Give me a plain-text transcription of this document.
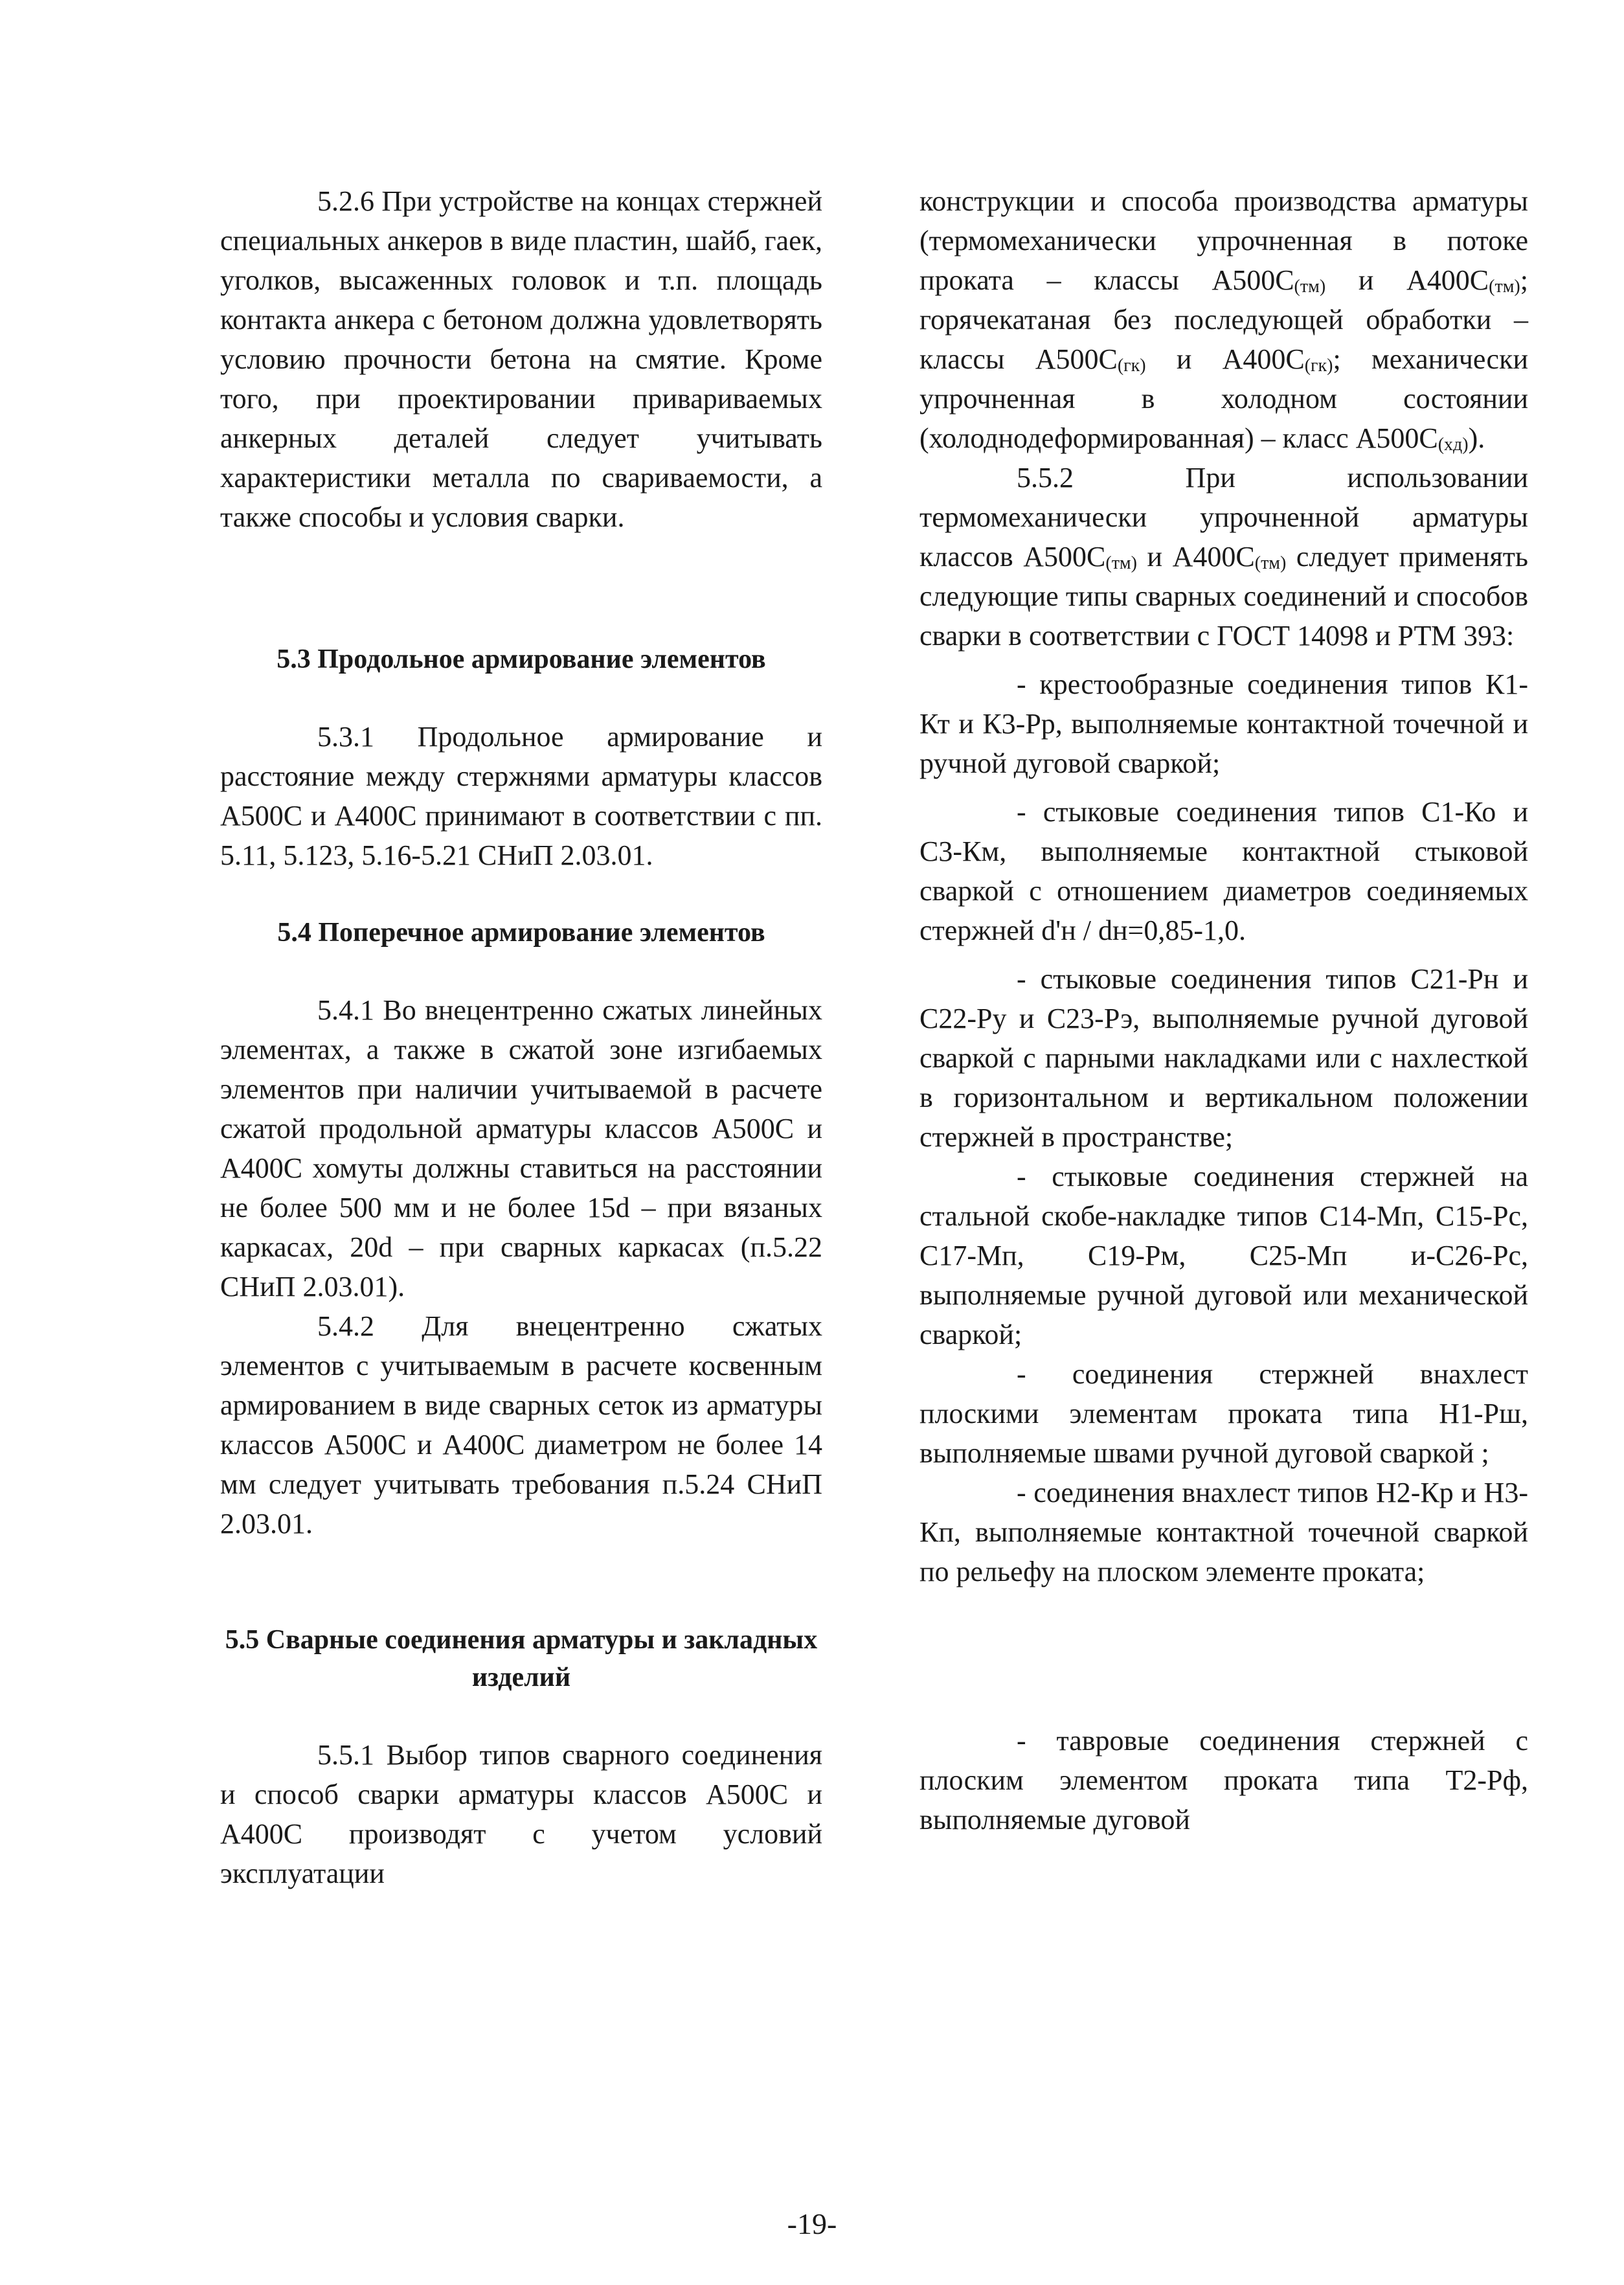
5.2.6 При устройстве на концах стержней специальных анкеров в виде пластин, шайб, гаек, уголков, высаженных головок и т.п. площадь контакта анкера с бетоном должна удовлетворять условию прочности бетона на смятие. Кроме того, при проектировании привариваемых анкерных деталей следует учитывать характеристики металла по свариваемости, а также способы и условия сварки.

5.3 Продольное армирование элементов

5.3.1 Продольное армирование и расстояние между стержнями арматуры классов А500С и А400С принимают в соответствии с пп. 5.11, 5.123, 5.16-5.21 СНиП 2.03.01.

5.4 Поперечное армирование элементов

5.4.1 Во внецентренно сжатых линейных элементах, а также в сжатой зоне изгибаемых элементов при наличии учитываемой в расчете сжатой продольной арматуры классов А500С и А400С хомуты должны ставиться на расстоянии не более 500 мм и не более 15d – при вязаных каркасах, 20d – при сварных каркасах (п.5.22 СНиП 2.03.01).

5.4.2 Для внецентренно сжатых элементов с учитываемым в расчете косвенным армированием в виде сварных сеток из арматуры классов А500С и А400С диаметром не более 14 мм следует учитывать требования п.5.24 СНиП 2.03.01.

5.5 Сварные соединения арматуры и закладных изделий

5.5.1 Выбор типов сварного соединения и способ сварки арматуры классов А500С и А400С производят с учетом условий эксплуатации

конструкции и способа производства арматуры (термомеханически упрочненная в потоке проката – классы $А500С_{(тм)}$ и $А400С_{(тм)}$; горячекатаная без последующей обработки – классы $А500С_{(гк)}$ и $А400С_{(гк)}$; механически упрочненная в холодном состоянии (холоднодеформированная) – класс $А500С_{(хд)}$).

5.5.2 При использовании термомеханически упрочненной арматуры классов $А500С_{(тм)}$ и $А400С_{(тм)}$ следует применять следующие типы сварных соединений и способов сварки в соответствии с ГОСТ 14098 и РТМ 393:

- крестообразные соединения типов К1-Кт и К3-Рр, выполняемые контактной точечной и ручной дуговой сваркой;

- стыковые соединения типов С1-Ко и С3-Км, выполняемые контактной стыковой сваркой с отношением диаметров соединяемых стержней d'н / dн=0,85-1,0.

- стыковые соединения типов С21-Рн и С22-Ру и С23-Рэ, выполняемые ручной дуговой сваркой с парными накладками или с нахлесткой в горизонтальном и вертикальном положении стержней в пространстве;

- стыковые соединения стержней на стальной скобе-накладке типов С14-Мп, С15-Рс, С17-Мп, С19-Рм, С25-Мп и-С26-Рс, выполняемые ручной дуговой или механической сваркой;

- соединения стержней внахлест плоскими элементам проката типа Н1-Рш, выполняемые швами ручной дуговой сваркой ;

- соединения внахлест типов Н2-Кр и Н3-Кп, выполняемые контактной точечной сваркой по рельефу на плоском элементе проката;

- тавровые соединения стержней с плоским элементом проката типа Т2-Рф, выполняемые дуговой

-19-
